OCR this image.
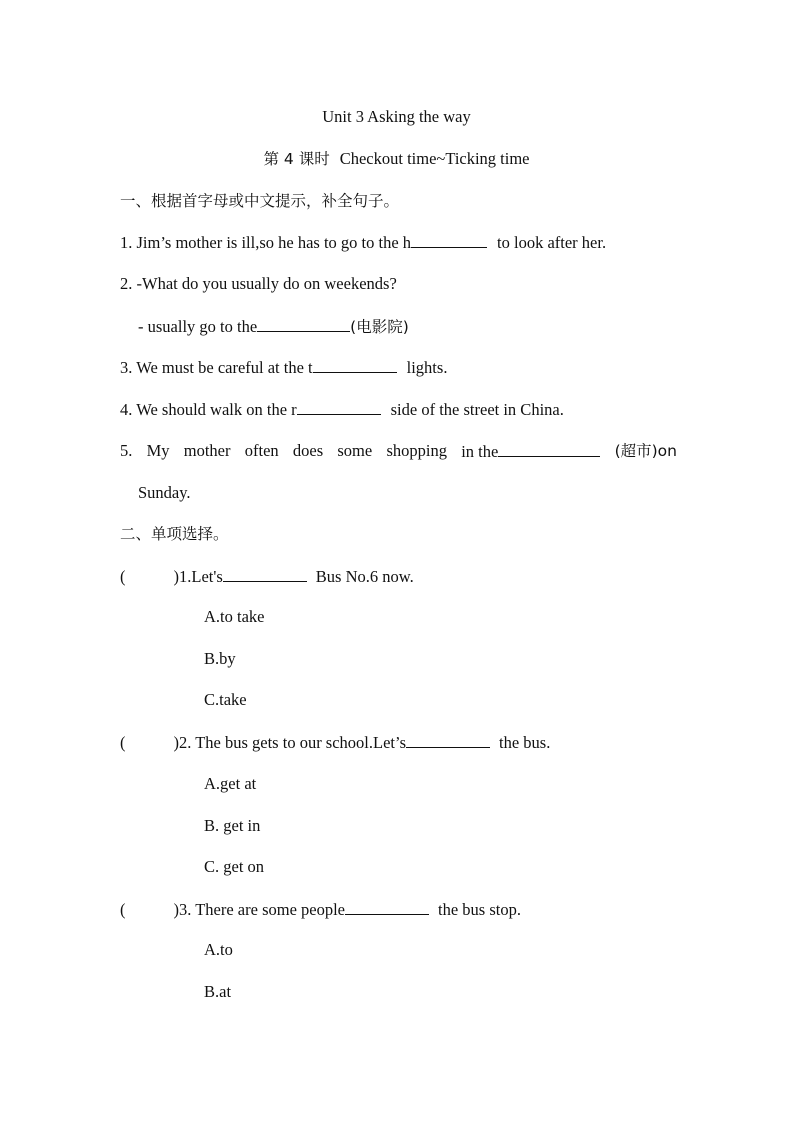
Unit 3 Asking the way
第 4 课时 Checkout time~Ticking time
一、根据首字母或中文提示，补全句子。
1. Jim’s mother is ill,so he has to go to the h	to look after her.
2. -What do you usually do on weekends?
- usually go to the	(电影院)
3. We must be careful at the t	lights.
4. We should walk on the r	side of the street in China.
5. My mother often does some shopping in the	(超市)on
Sunday.
二、单项选择。
(	)1.Let's	Bus No.6 now.
A.to take
B.by
C.take
(	)2. The bus gets to our school.Let’s	the bus.
A.get at
B. get in
C. get on
(	)3. There are some people	the bus stop.
A.to
B.at
